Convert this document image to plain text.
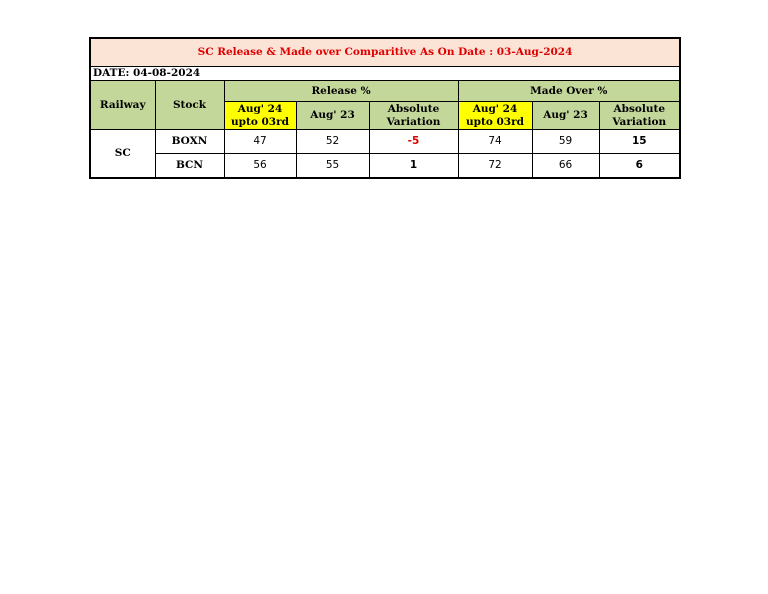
SC Release & Made over Comparitive As On Date : 03-Aug-2024							
DATE: 04-08-2024							
Railway	Stock	Release %			Made Over %		
		Aug' 24 upto 03rd	Aug' 23	Absolute Variation	Aug' 24 upto 03rd	Aug' 23	Absolute Variation
SC	BOXN	47	52	-5	74	59	15
	BCN	56	55	1	72	66	6
